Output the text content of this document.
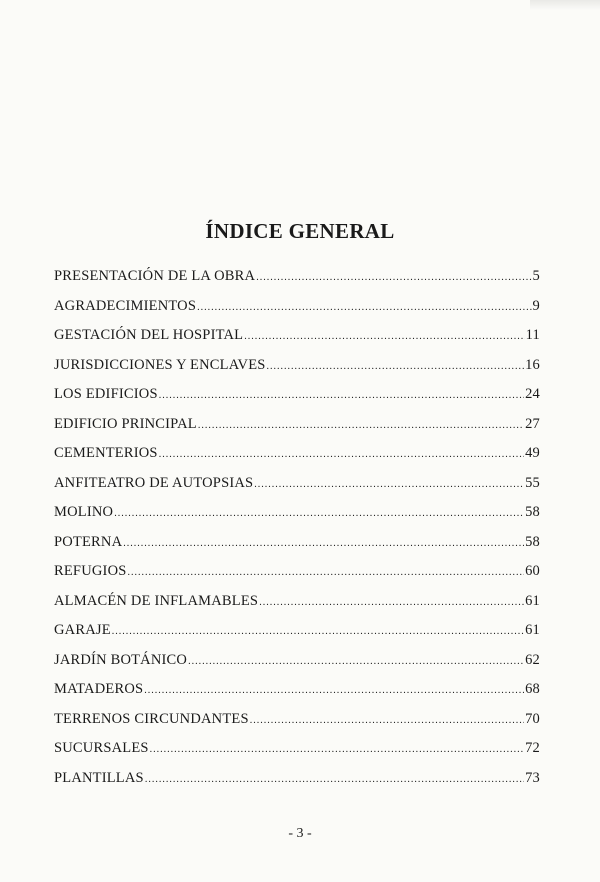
ÍNDICE GENERAL
PRESENTACIÓN DE LA OBRA .....	5
AGRADECIMIENTOS .....	9
GESTACIÓN DEL HOSPITAL .....	11
JURISDICCIONES Y ENCLAVES .....	16
LOS EDIFICIOS .....	24
EDIFICIO PRINCIPAL .....	27
CEMENTERIOS .....	49
ANFITEATRO DE AUTOPSIAS .....	55
MOLINO .....	58
POTERNA .....	58
REFUGIOS .....	60
ALMACÉN DE INFLAMABLES .....	61
GARAJE .....	61
JARDÍN BOTÁNICO .....	62
MATADEROS .....	68
TERRENOS CIRCUNDANTES .....	70
SUCURSALES .....	72
PLANTILLAS .....	73
- 3 -
